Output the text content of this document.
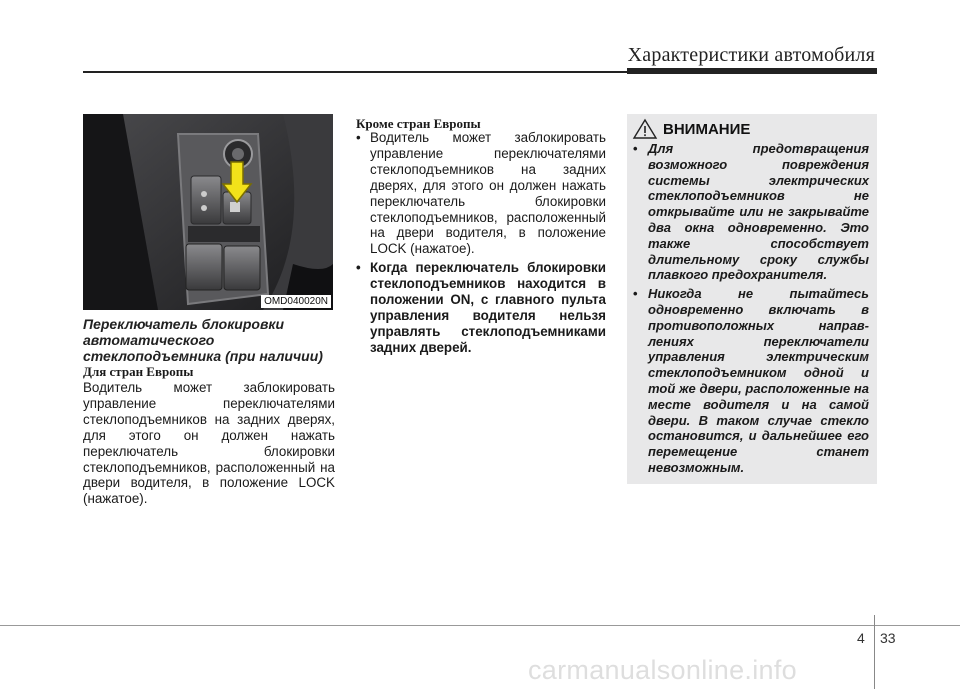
Характеристики автомобиля
OMD040020N
Переключатель блокировки автоматического стеклоподъемника (при наличии)
Для стран Европы
Водитель может заблокировать управление переключателями стеклоподъемников на задних дверях, для этого он должен нажать переключатель блокировки стеклоподъемников, расположенный на двери водителя, в положение LOCK (нажатое).
Кроме стран Европы
• Водитель может заблокировать управление переключателями стеклоподъемников на задних дверях, для этого он должен нажать переключатель блокировки стеклоподъемников, расположенный на двери водителя, в положение LOCK (нажатое).
• Когда переключатель блокировки стеклоподъемников находится в положении ON, с главного пульта управления водителя нельзя управлять стеклоподъемниками задних дверей.
ВНИМАНИЕ
• Для предотвращения возможного повреждения системы электрических стеклоподъемников не открывайте или не закрывайте два окна одновременно. Это также способствует длительному сроку службы плавкого предохранителя.
• Никогда не пытайтесь одновременно включать в противоположных направ- лениях переключатели управления электрическим стеклоподъемником одной и той же двери, расположенные на месте водителя и на самой двери. В таком случае стекло остановится, и дальнейшее его перемещение станет невозможным.
4 33
carmanualsonline.info
